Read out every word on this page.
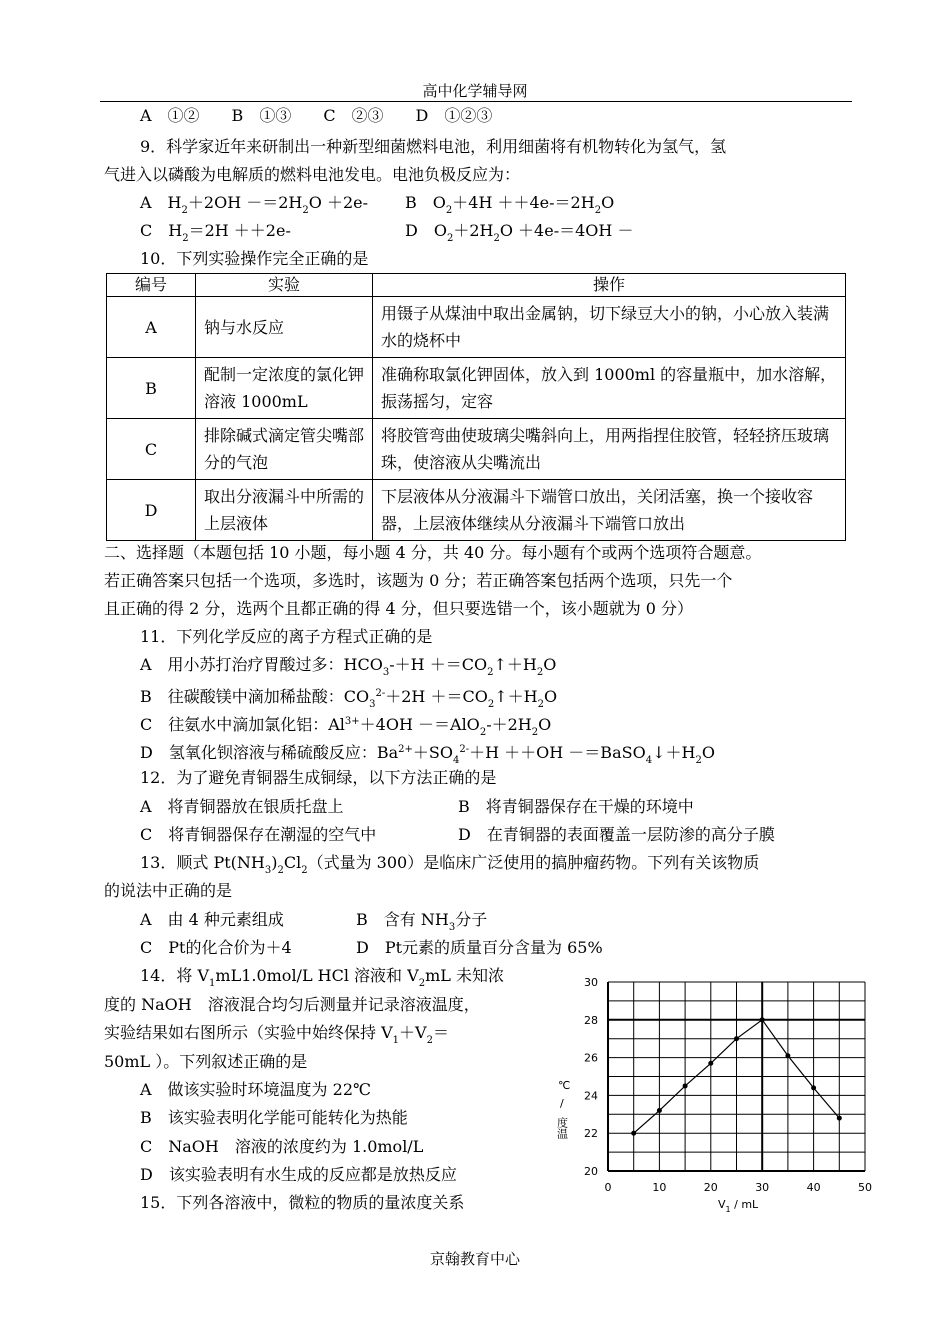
高中化学辅导网
A　①②　　B　①③　　C　②③　　D　①②③
9．科学家近年来研制出一种新型细菌燃料电池，利用细菌将有机物转化为氢气，氢
气进入以磷酸为电解质的燃料电池发电。电池负极反应为：
A　$H_2+2OH -=2H_2O +2e-$ B　$O_2+4H ++4e-=2H_2O$
C　$H_2=2H ++2e-$	D　$O_2+2H_2O +4e-=4OH$ －
10．下列实验操作完全正确的是
编号	实验	操作
A	钠与水反应	用镊子从煤油中取出金属钠，切下绿豆大小的钠，小心放入装满水的烧杯中
B	配制一定浓度的氯化钾溶液 1000mL	准确称取氯化钾固体，放入到 1000ml 的容量瓶中，加水溶解，振荡摇匀，定容
C	排除碱式滴定管尖嘴部分的气泡	将胶管弯曲使玻璃尖嘴斜向上，用两指捏住胶管，轻轻挤压玻璃珠，使溶液从尖嘴流出
D	取出分液漏斗中所需的上层液体	下层液体从分液漏斗下端管口放出，关闭活塞，换一个接收容器，上层液体继续从分液漏斗下端管口放出
二、选择题（本题包括 10 小题，每小题 4 分，共 40 分。每小题有个或两个选项符合题意。
若正确答案只包括一个选项，多选时，该题为 0 分；若正确答案包括两个选项，只先一个
且正确的得 2 分，选两个且都正确的得 4 分，但只要选错一个，该小题就为 0 分）
11．下列化学反应的离子方程式正确的是
A　用小苏打治疗胃酸过多：$HCO_3-+H$ $+=CO_2↑+H_2O$
B　往碳酸镁中滴加稀盐酸：$CO_3^{2-}+2H$ $+=CO_2↑+H_2O$
C　往氨水中滴加氯化铝：$Al^{3+}+4OH -=AlO_2-+2H_2O$
D　氢氧化钡溶液与稀硫酸反应：$Ba^{2+}+SO_4^{2-}+H ++OH$ $-=BaSO_4↓+H_2O$
12．为了避免青铜器生成铜绿，以下方法正确的是
A　将青铜器放在银质托盘上	B　将青铜器保存在干燥的环境中
C　将青铜器保存在潮湿的空气中	D　在青铜器的表面覆盖一层防渗的高分子膜
13．顺式 $Pt(NH_3)_2Cl_2$（式量为 300）是临床广泛使用的搞肿瘤药物。下列有关该物质
的说法中正确的是
A　由 4 种元素组成	B　含有 $NH_3$分子
C　Pt的化合价为＋4	D　Pt元素的质量百分含量为 65%
14．将 $V_1mL1.0mol/L$ HCl 溶液和 $V_2mL$ 未知浓
度的 NaOH　溶液混合均匀后测量并记录溶液温度，
实验结果如右图所示（实验中始终保持 $V_1+V_2=$
50mL ）。下列叙述正确的是
A　做该实验时环境温度为 22℃
B　该实验表明化学能可能转化为热能
C　NaOH　溶液的浓度约为 1.0mol/L
D　该实验表明有水生成的反应都是放热反应
15．下列各溶液中，微粒的物质的量浓度关系
0	10	20	30	40	50
20
22
24
26
28
30
℃
/
度温
$V_1$ / mL
京翰教育中心
